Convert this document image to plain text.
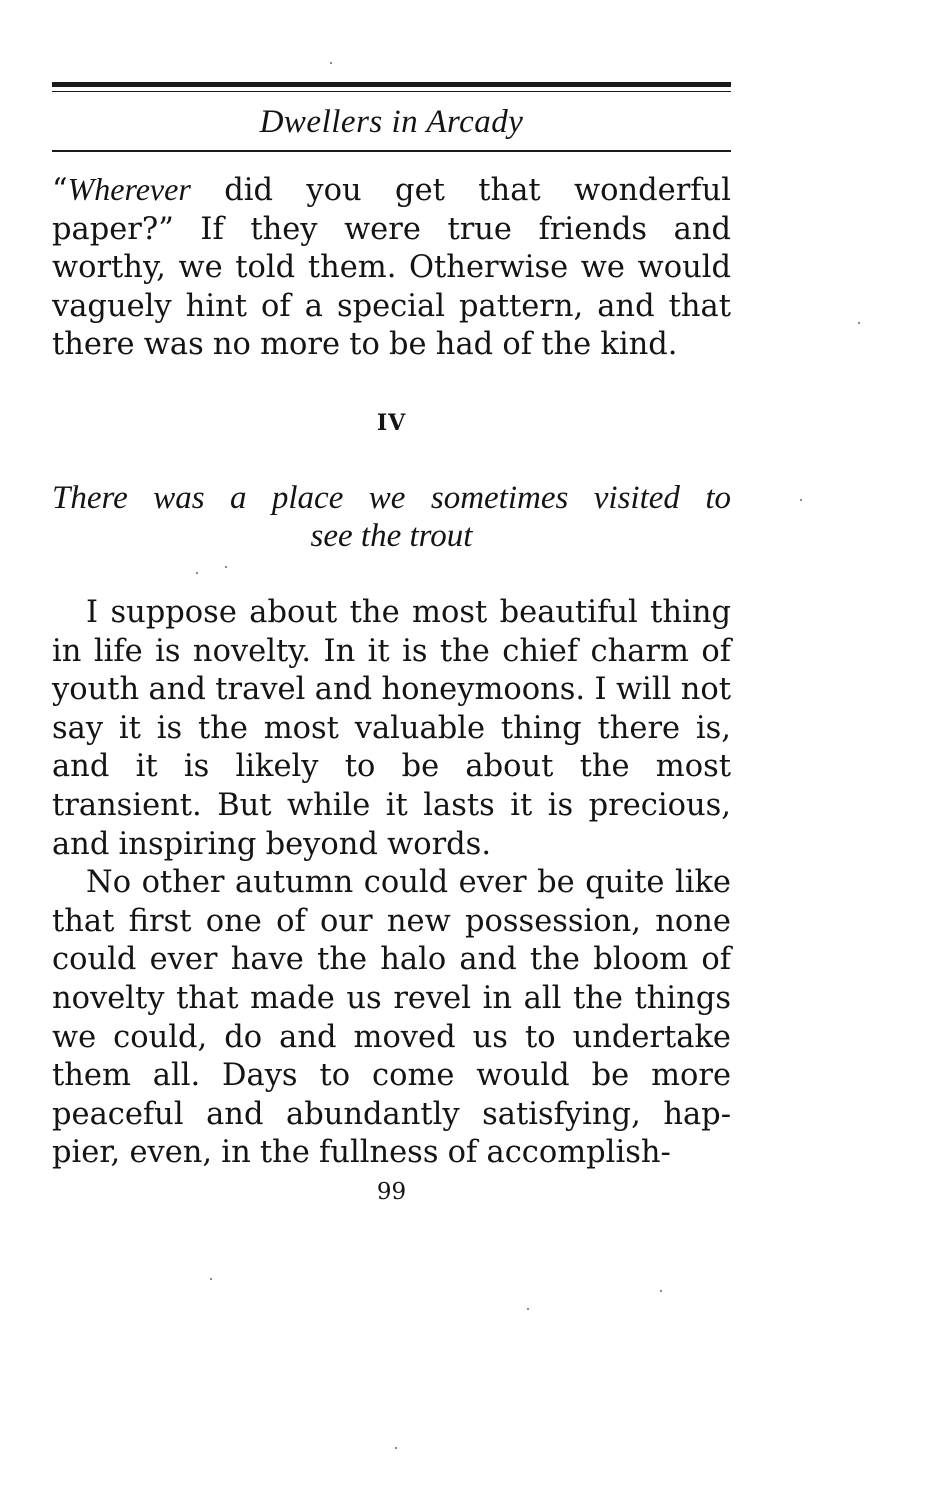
Dwellers in Arcady

“Wherever did you get that wonderful paper?” If they were true friends and worthy, we told them. Otherwise we would vaguely hint of a special pattern, and that there was no more to be had of the kind.

IV
There was a place we sometimes visited to
see the trout

I suppose about the most beautiful thing in life is novelty. In it is the chief charm of youth and travel and honeymoons. I will not say it is the most valuable thing there is, and it is likely to be about the most transient. But while it lasts it is precious, and inspiring beyond words.

No other autumn could ever be quite like that first one of our new possession, none could ever have the halo and the bloom of novelty that made us revel in all the things we could, do and moved us to undertake them all. Days to come would be more peaceful and abundantly satisfying, happier, even, in the fullness of accomplish-

99
